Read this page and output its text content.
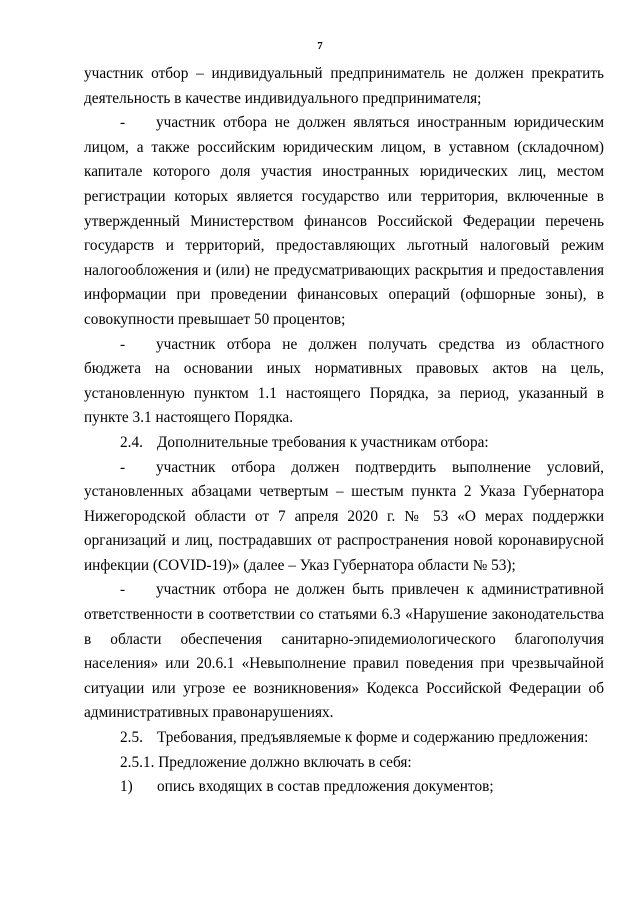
7
участник отбор – индивидуальный предприниматель не должен прекратить
деятельность в качестве индивидуального предпринимателя;
- участник отбора не должен являться иностранным юридическим
лицом, а также российским юридическим лицом, в уставном (складочном)
капитале которого доля участия иностранных юридических лиц, местом
регистрации которых является государство или территория, включенные в
утвержденный Министерством финансов Российской Федерации перечень
государств и территорий, предоставляющих льготный налоговый режим
налогообложения и (или) не предусматривающих раскрытия и предоставления
информации при проведении финансовых операций (офшорные зоны), в
совокупности превышает 50 процентов;
- участник отбора не должен получать средства из областного
бюджета на основании иных нормативных правовых актов на цель,
установленную пунктом 1.1 настоящего Порядка, за период, указанный в
пункте 3.1 настоящего Порядка.
2.4. Дополнительные требования к участникам отбора:
- участник отбора должен подтвердить выполнение условий,
установленных абзацами четвертым – шестым пункта 2 Указа Губернатора
Нижегородской области от 7 апреля 2020 г. № 53 «О мерах поддержки
организаций и лиц, пострадавших от распространения новой коронавирусной
инфекции (COVID-19)» (далее – Указ Губернатора области № 53);
- участник отбора не должен быть привлечен к административной
ответственности в соответствии со статьями 6.3 «Нарушение законодательства
в области обеспечения санитарно-эпидемиологического благополучия
населения» или 20.6.1 «Невыполнение правил поведения при чрезвычайной
ситуации или угрозе ее возникновения» Кодекса Российской Федерации об
административных правонарушениях.
2.5. Требования, предъявляемые к форме и содержанию предложения:
2.5.1. Предложение должно включать в себя:
1) опись входящих в состав предложения документов;
